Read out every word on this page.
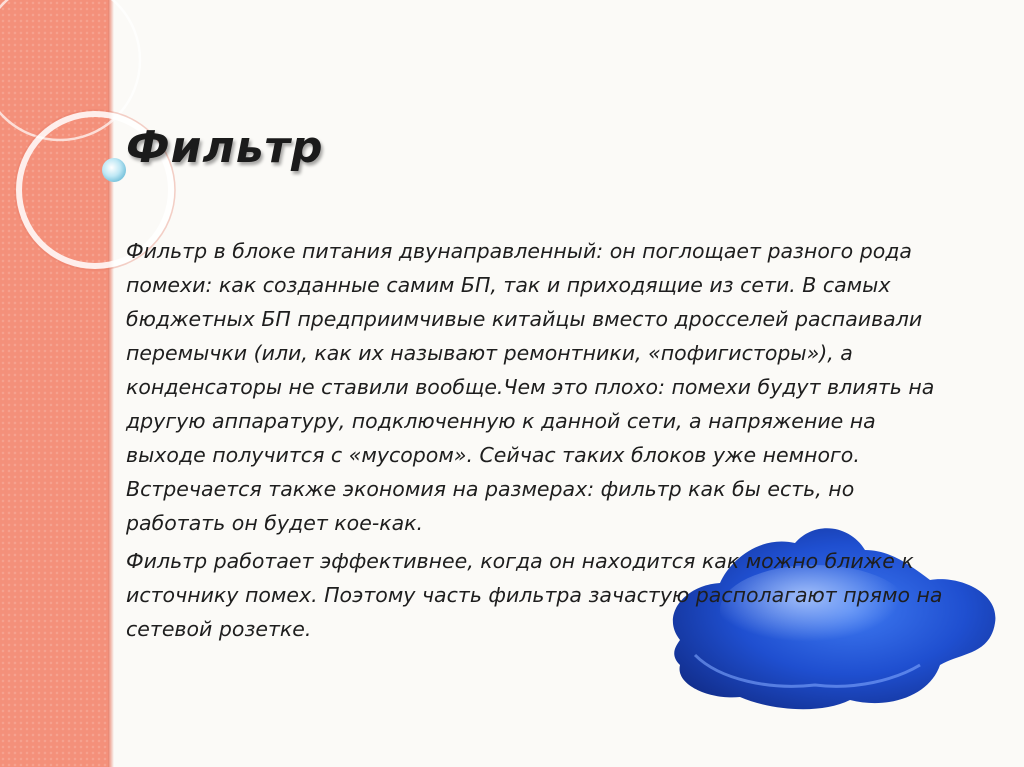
Фильтр

Фильтр в блоке питания двунаправленный: он поглощает разного рода помехи: как созданные самим БП, так и приходящие из сети. В самых бюджетных БП предприимчивые китайцы вместо дросселей распаивали перемычки (или, как их называют ремонтники, «пофигисторы»), а конденсаторы не ставили вообще.Чем это плохо: помехи будут влиять на другую аппаратуру, подключенную к данной сети, а напряжение на выходе получится с «мусором». Сейчас таких блоков уже немного. Встречается также экономия на размерах: фильтр как бы есть, но работать он будет кое-как.

Фильтр работает эффективнее, когда он находится как можно ближе к источнику помех. Поэтому часть фильтра зачастую располагают прямо на сетевой розетке.
